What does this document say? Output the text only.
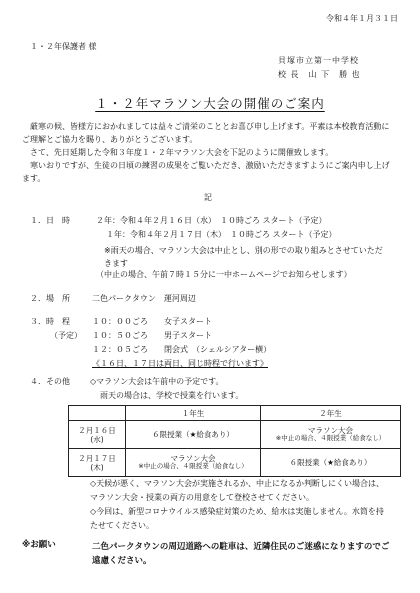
令和４年１月３１日
１・２年保護者 様
貝塚市立第一中学校
校 長　山 下　勝 也
１・２年マラソン大会の開催のご案内

厳寒の候、皆様方におかれましては益々ご清栄のこととお喜び申し上げます。平素は本校教育活動にご理解とご協力を賜り、ありがとうございます。

さて、先日延期した令和３年度１・２年マラソン大会を下記のように開催致します。

寒いおりですが、生徒の日頃の練習の成果をご覧いただき、激励いただきますようにご案内申し上げます。

記
１．日　時	２年：令和４年２月１６日（水）　１０時ごろ スタート（予定）
１年：令和４年２月１７日（木）　１０時ごろ スタート（予定）
※雨天の場合、マラソン大会は中止とし、別の形での取り組みとさせていただきます
（中止の場合、午前７時１５分に一中ホームページでお知らせします）
２．場　所	二色パークタウン　運河周辺
３．時　程
（予定）
１０：００ごろ　　女子スタート
１０：５０ごろ　　男子スタート
１２：０５ごろ　　閉会式　（シェルシアター横）
《１６日、１７日は両日、同じ時程で行います》
４．その他	◇マラソン大会は午前中の予定です。
雨天の場合は、学校で授業を行います。
	１年生	２年生
２月１６日
(水)	６限授業（★給食あり）	マラソン大会
※中止の場合、４限授業（給食なし）

２月１７日
(木)	マラソン大会
※中止の場合、４限授業（給食なし）	６限授業（★給食あり）
◇天候が悪く、マラソン大会が実施されるか、中止になるか判断しにくい場合は、マラソン大会・授業の両方の用意をして登校させてください。
◇今回は、新型コロナウイルス感染症対策のため、給水は実施しません。水筒を持たせてください。
※お願い	二色パークタウンの周辺道路への駐車は、近隣住民のご迷惑になりますのでご遠慮ください。
